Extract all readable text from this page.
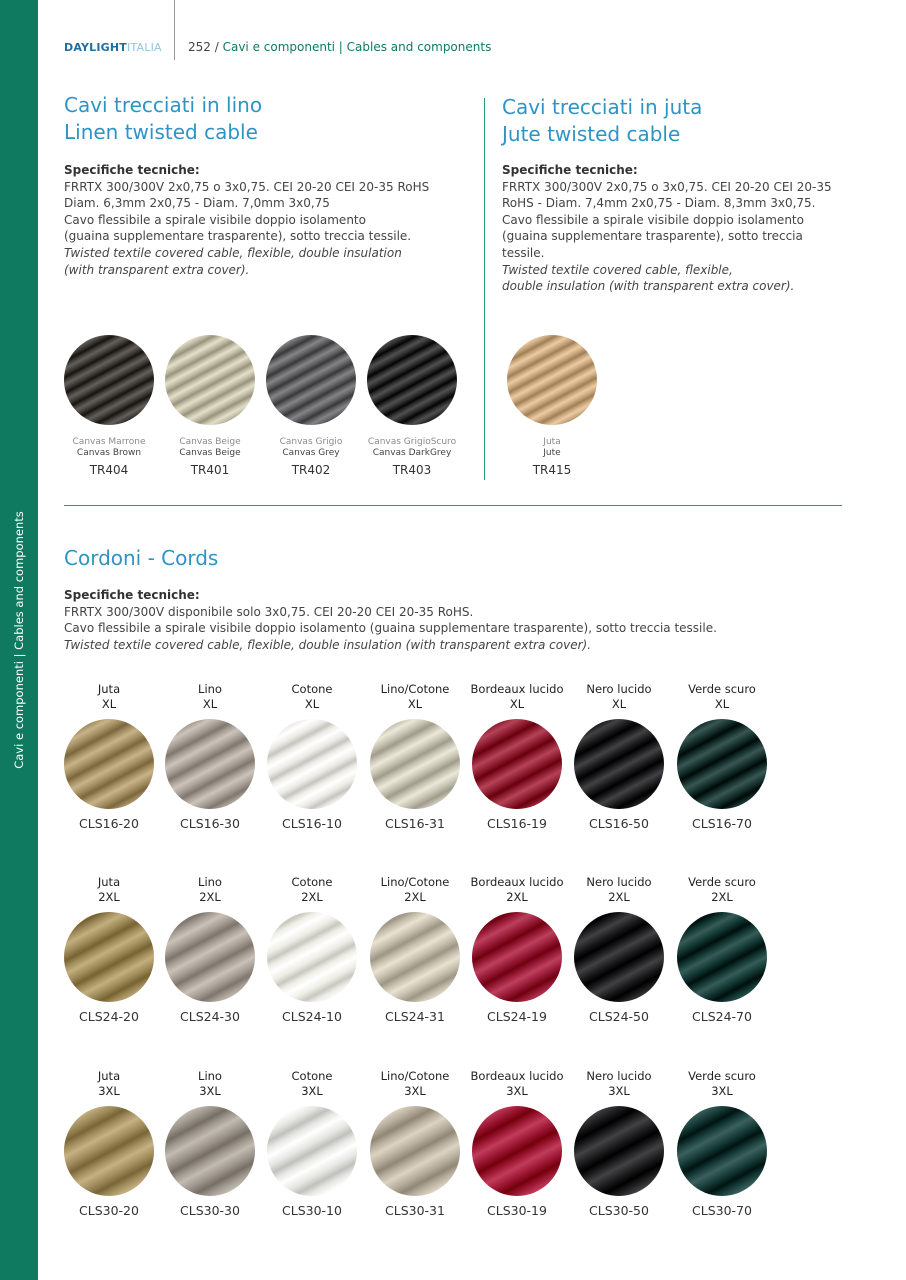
Cavi e componenti | Cables and components
DAYLIGHTITALIA 252 / Cavi e componenti | Cables and components
Cavi trecciati in lino
Linen twisted cable
Specifiche tecniche:
FRRTX 300/300V 2x0,75 o 3x0,75. CEI 20-20 CEI 20-35 RoHS
Diam. 6,3mm 2x0,75 - Diam. 7,0mm 3x0,75
Cavo flessibile a spirale visibile doppio isolamento
(guaina supplementare trasparente), sotto treccia tessile.
Twisted textile covered cable, flexible, double insulation
(with transparent extra cover).
Canvas Marrone
Canvas Brown
TR404
Canvas Beige
Canvas Beige
TR401
Canvas Grigio
Canvas Grey
TR402
Canvas GrigioScuro
Canvas DarkGrey
TR403
Cavi trecciati in juta
Jute twisted cable
Specifiche tecniche:
FRRTX 300/300V 2x0,75 o 3x0,75. CEI 20-20 CEI 20-35
RoHS - Diam. 7,4mm 2x0,75 - Diam. 8,3mm 3x0,75.
Cavo flessibile a spirale visibile doppio isolamento
(guaina supplementare trasparente), sotto treccia
tessile.
Twisted textile covered cable, flexible,
double insulation (with transparent extra cover).
Juta
Jute
TR415
Cordoni - Cords
Specifiche tecniche:
FRRTX 300/300V disponibile solo 3x0,75. CEI 20-20 CEI 20-35 RoHS.
Cavo flessibile a spirale visibile doppio isolamento (guaina supplementare trasparente), sotto treccia tessile.
Twisted textile covered cable, flexible, double insulation (with transparent extra cover).
Juta
XL
CLS16-20
Lino
XL
CLS16-30
Cotone
XL
CLS16-10
Lino/Cotone
XL
CLS16-31
Bordeaux lucido
XL
CLS16-19
Nero lucido
XL
CLS16-50
Verde scuro
XL
CLS16-70
Juta
2XL
CLS24-20
Lino
2XL
CLS24-30
Cotone
2XL
CLS24-10
Lino/Cotone
2XL
CLS24-31
Bordeaux lucido
2XL
CLS24-19
Nero lucido
2XL
CLS24-50
Verde scuro
2XL
CLS24-70
Juta
3XL
CLS30-20
Lino
3XL
CLS30-30
Cotone
3XL
CLS30-10
Lino/Cotone
3XL
CLS30-31
Bordeaux lucido
3XL
CLS30-19
Nero lucido
3XL
CLS30-50
Verde scuro
3XL
CLS30-70
